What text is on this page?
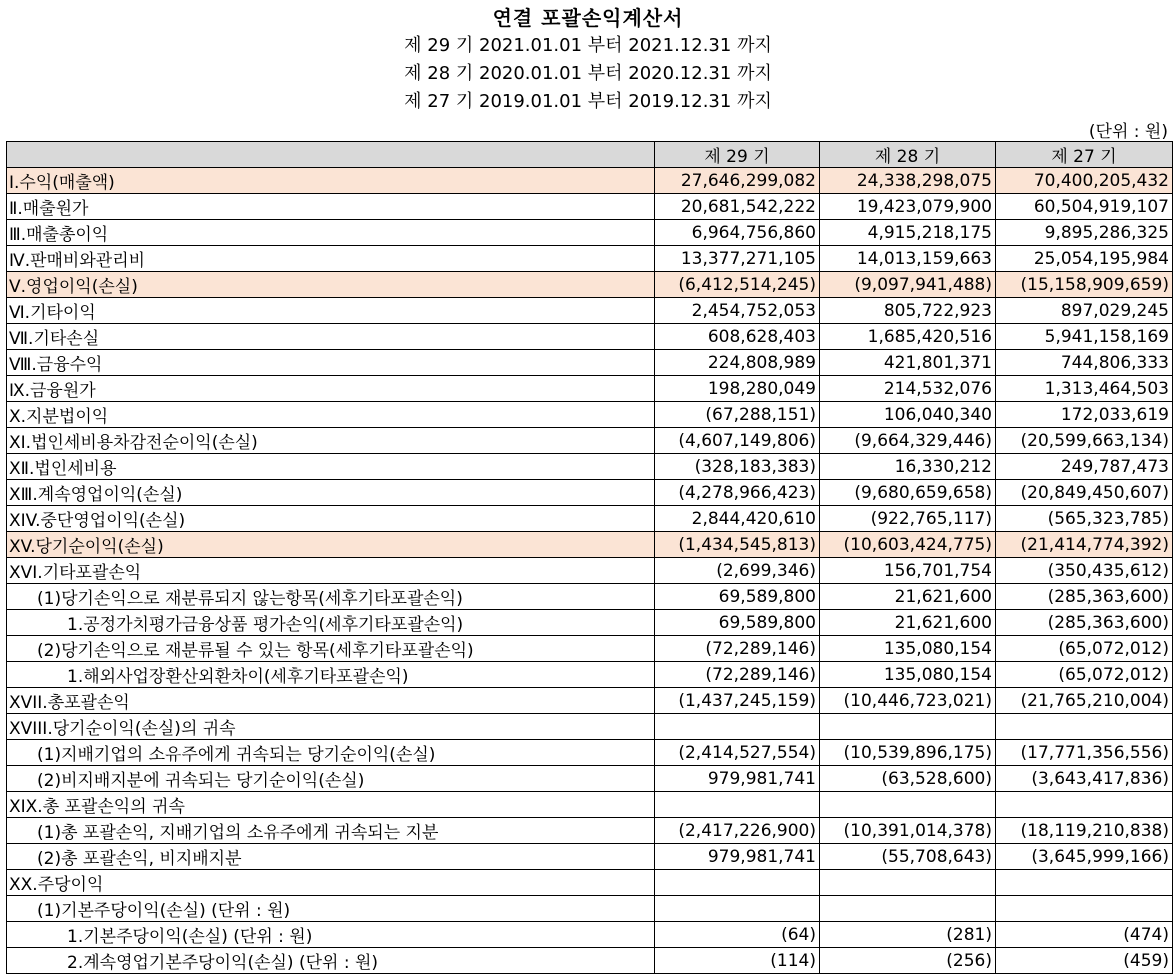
연결 포괄손익계산서
제 29 기 2021.01.01 부터 2021.12.31 까지
제 28 기 2020.01.01 부터 2020.12.31 까지
제 27 기 2019.01.01 부터 2019.12.31 까지
(단위 : 원)
	제 29 기	제 28 기	제 27 기
Ⅰ.수익(매출액)	27,646,299,082	24,338,298,075	70,400,205,432
Ⅱ.매출원가	20,681,542,222	19,423,079,900	60,504,919,107
Ⅲ.매출총이익	6,964,756,860	4,915,218,175	9,895,286,325
Ⅳ.판매비와관리비	13,377,271,105	14,013,159,663	25,054,195,984
Ⅴ.영업이익(손실)	(6,412,514,245)	(9,097,941,488)	(15,158,909,659)
Ⅵ.기타이익	2,454,752,053	805,722,923	897,029,245
Ⅶ.기타손실	608,628,403	1,685,420,516	5,941,158,169
Ⅷ.금융수익	224,808,989	421,801,371	744,806,333
Ⅸ.금융원가	198,280,049	214,532,076	1,313,464,503
Ⅹ.지분법이익	(67,288,151)	106,040,340	172,033,619
XI.법인세비용차감전순이익(손실)	(4,607,149,806)	(9,664,329,446)	(20,599,663,134)
XⅡ.법인세비용	(328,183,383)	16,330,212	249,787,473
XⅢ.계속영업이익(손실)	(4,278,966,423)	(9,680,659,658)	(20,849,450,607)
XIV.중단영업이익(손실)	2,844,420,610	(922,765,117)	(565,323,785)
XV.당기순이익(손실)	(1,434,545,813)	(10,603,424,775)	(21,414,774,392)
XVI.기타포괄손익	(2,699,346)	156,701,754	(350,435,612)
(1)당기손익으로 재분류되지 않는항목(세후기타포괄손익)	69,589,800	21,621,600	(285,363,600)
1.공정가치평가금융상품 평가손익(세후기타포괄손익)	69,589,800	21,621,600	(285,363,600)
(2)당기손익으로 재분류될 수 있는 항목(세후기타포괄손익)	(72,289,146)	135,080,154	(65,072,012)
1.해외사업장환산외환차이(세후기타포괄손익)	(72,289,146)	135,080,154	(65,072,012)
XVII.총포괄손익	(1,437,245,159)	(10,446,723,021)	(21,765,210,004)
XVIII.당기순이익(손실)의 귀속			
(1)지배기업의 소유주에게 귀속되는 당기순이익(손실)	(2,414,527,554)	(10,539,896,175)	(17,771,356,556)
(2)비지배지분에 귀속되는 당기순이익(손실)	979,981,741	(63,528,600)	(3,643,417,836)
XIX.총 포괄손익의 귀속			
(1)총 포괄손익, 지배기업의 소유주에게 귀속되는 지분	(2,417,226,900)	(10,391,014,378)	(18,119,210,838)
(2)총 포괄손익, 비지배지분	979,981,741	(55,708,643)	(3,645,999,166)
XX.주당이익			
(1)기본주당이익(손실) (단위 : 원)			
1.기본주당이익(손실) (단위 : 원)	(64)	(281)	(474)
2.계속영업기본주당이익(손실) (단위 : 원)	(114)	(256)	(459)
